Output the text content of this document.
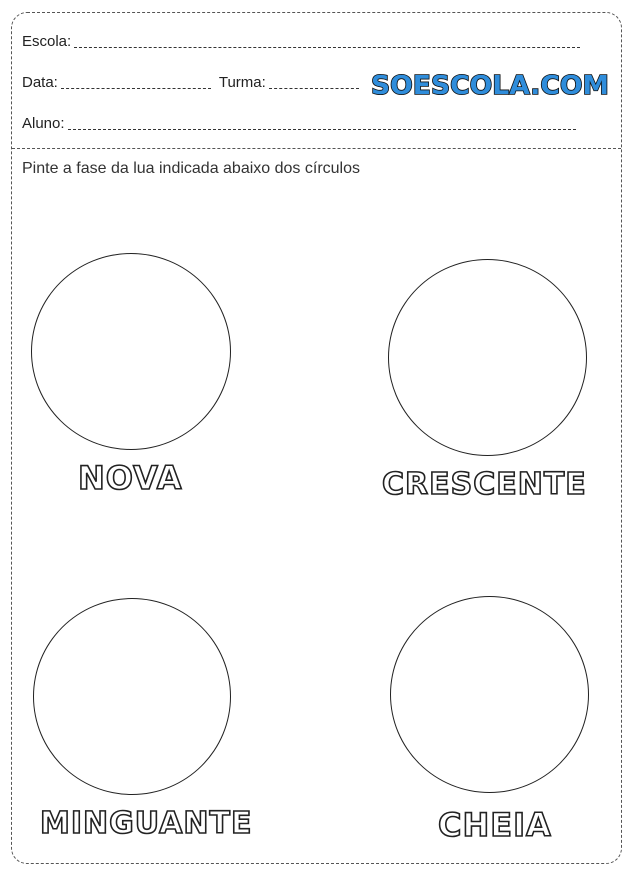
Escola:
Data:	Turma:	SOESCOLA.COM
Aluno:
Pinte a fase da lua indicada abaixo dos círculos
NOVA	CRESCENTE
MINGUANTE	CHEIA
